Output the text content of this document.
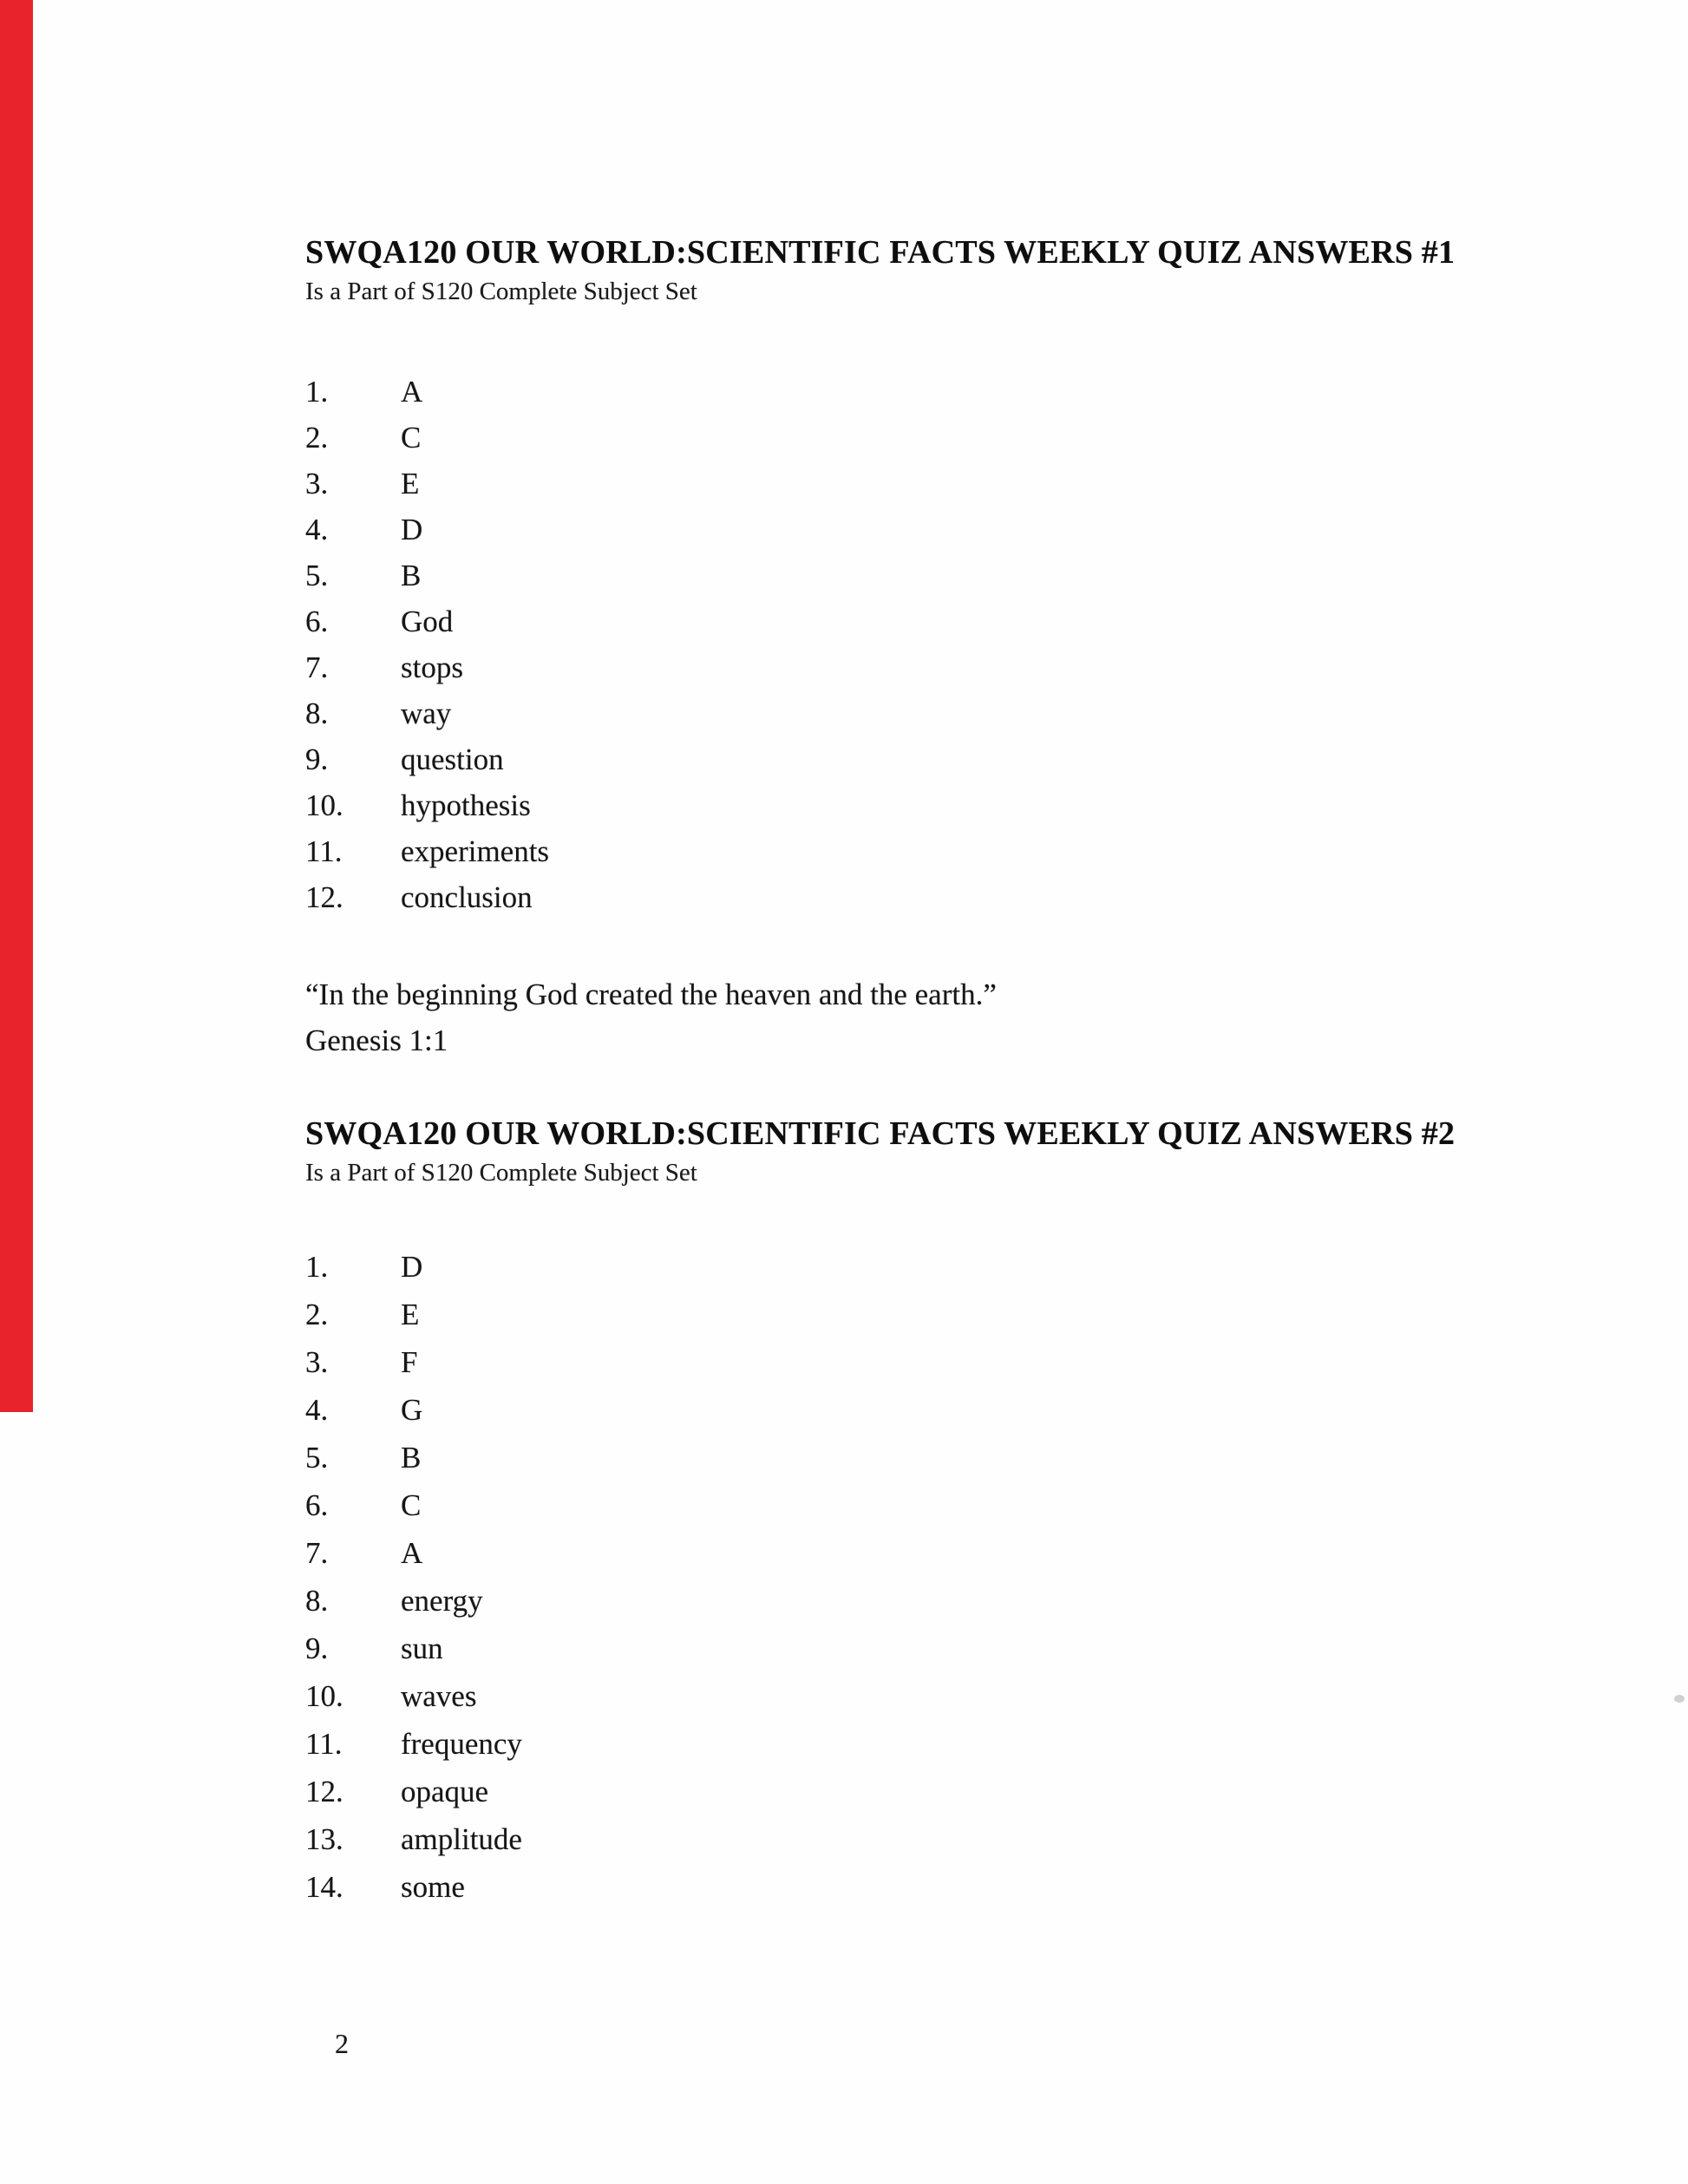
SWQA120 OUR WORLD:SCIENTIFIC FACTS WEEKLY QUIZ ANSWERS #1
Is a Part of S120 Complete Subject Set
1.	A
2.	C
3.	E
4.	D
5.	B
6.	God
7.	stops
8.	way
9.	question
10.	hypothesis
11.	experiments
12.	conclusion
“In the beginning God created the heaven and the earth.”
Genesis 1:1
SWQA120 OUR WORLD:SCIENTIFIC FACTS WEEKLY QUIZ ANSWERS #2
Is a Part of S120 Complete Subject Set
1.	D
2.	E
3.	F
4.	G
5.	B
6.	C
7.	A
8.	energy
9.	sun
10.	waves
11.	frequency
12.	opaque
13.	amplitude
14.	some
2
